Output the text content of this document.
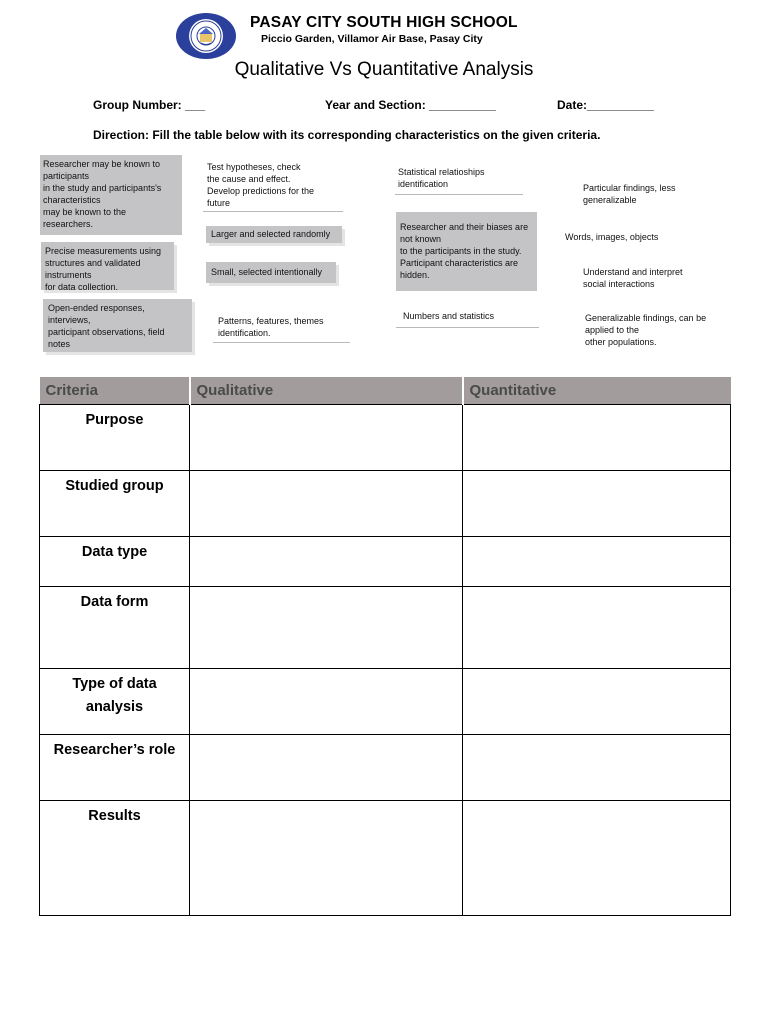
PASAY CITY SOUTH HIGH SCHOOL
Piccio Garden, Villamor Air Base, Pasay City
Qualitative Vs Quantitative Analysis
Group Number: ___	Year and Section: __________	Date:__________
Direction: Fill the table below with its corresponding characteristics on the given criteria.
Researcher may be known to
participants
in the study and participants's
characteristics
may be known to the
researchers.
Precise measurements using
structures and validated
instruments
for data collection.
Open-ended responses,
interviews,
participant observations, field
notes
Test hypotheses, check
the cause and effect.
Develop predictions for the
future
Larger and selected randomly
Small, selected intentionally
Patterns, features, themes
identification.
Statistical relatioships
identification
Researcher and their biases are
not known
to the participants in the study.
Participant characteristics are
hidden.
Numbers and statistics
Particular findings, less
generalizable
Words, images, objects
Understand and interpret
social interactions
Generalizable findings, can be
applied to the
other populations.
Criteria	Qualitative	Quantitative
Purpose		
Studied group		
Data type		
Data form		
Type of data analysis		
Researcher’s role		
Results		
